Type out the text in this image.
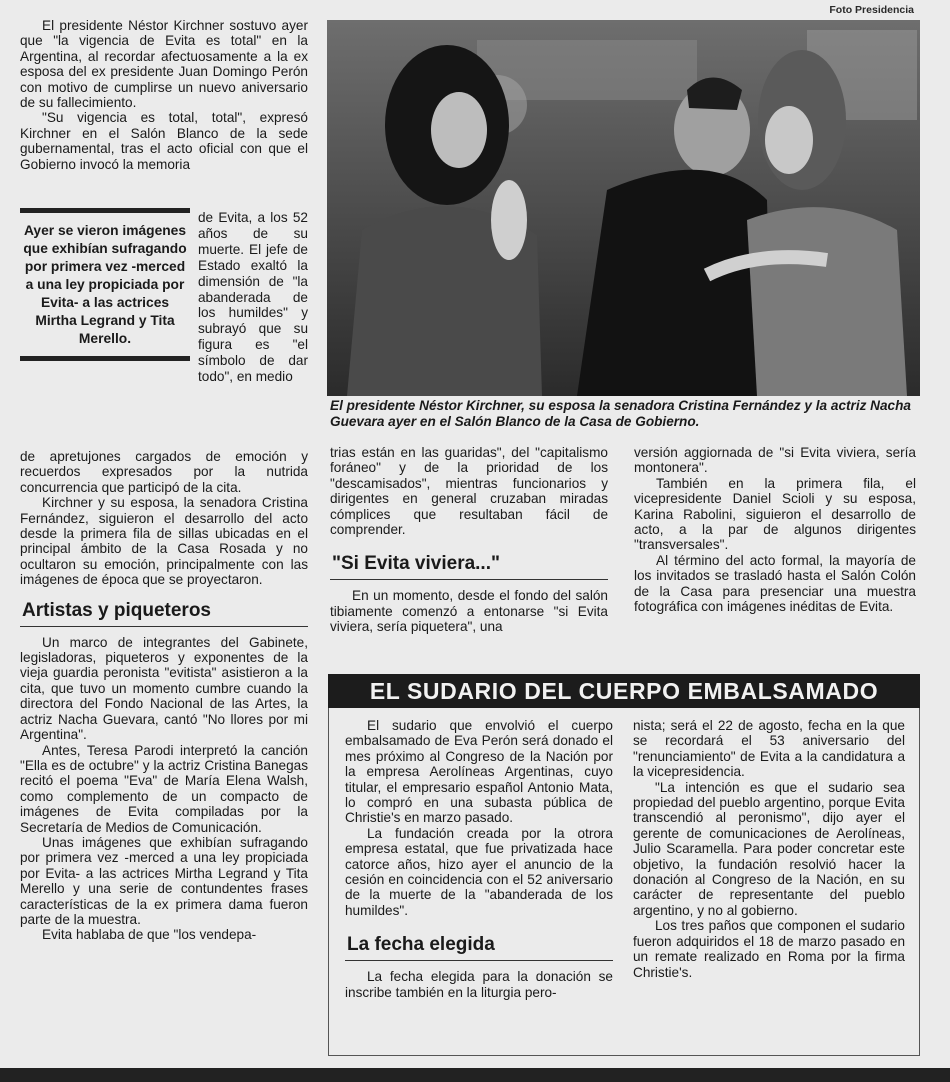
El presidente Néstor Kirchner sostuvo ayer que "la vigencia de Evita es total" en la Argentina, al recordar afectuosamente a la ex esposa del ex presidente Juan Domingo Perón con motivo de cumplirse un nuevo aniversario de su fallecimiento.

"Su vigencia es total, total", expresó Kirchner en el Salón Blanco de la sede gubernamental, tras el acto oficial con que el Gobierno invocó la memoria

Ayer se vieron imágenes que exhibían sufragando por primera vez -merced a una ley propiciada por Evita- a las actrices Mirtha Legrand y Tita Merello.

de Evita, a los 52 años de su muerte. El jefe de Estado exaltó la dimensión de "la abanderada de los humildes" y subrayó que su figura es "el símbolo de dar todo", en medio

de apretujones cargados de emoción y recuerdos expresados por la nutrida concurrencia que participó de la cita.

Kirchner y su esposa, la senadora Cristina Fernández, siguieron el desarrollo del acto desde la primera fila de sillas ubicadas en el principal ámbito de la Casa Rosada y no ocultaron su emoción, principalmente con las imágenes de época que se proyectaron.

Artistas y piqueteros

Un marco de integrantes del Gabinete, legisladoras, piqueteros y exponentes de la vieja guardia peronista "evitista" asistieron a la cita, que tuvo un momento cumbre cuando la directora del Fondo Nacional de las Artes, la actriz Nacha Guevara, cantó "No llores por mi Argentina".

Antes, Teresa Parodi interpretó la canción "Ella es de octubre" y la actriz Cristina Banegas recitó el poema "Eva" de María Elena Walsh, como complemento de un compacto de imágenes de Evita compiladas por la Secretaría de Medios de Comunicación.

Unas imágenes que exhibían sufragando por primera vez -merced a una ley propiciada por Evita- a las actrices Mirtha Legrand y Tita Merello y una serie de contundentes frases características de la ex primera dama fueron parte de la muestra.

Evita hablaba de que "los vendepa-

Foto Presidencia
El presidente Néstor Kirchner, su esposa la senadora Cristina Fernández y la actriz Nacha Guevara ayer en el Salón Blanco de la Casa de Gobierno.

trias están en las guaridas", del "capitalismo foráneo" y de la prioridad de los "descamisados", mientras funcionarios y dirigentes en general cruzaban miradas cómplices que resultaban fácil de comprender.

"Si Evita viviera..."

En un momento, desde el fondo del salón tibiamente comenzó a entonarse "si Evita viviera, sería piquetera", una

versión aggiornada de "si Evita viviera, sería montonera".

También en la primera fila, el vicepresidente Daniel Scioli y su esposa, Karina Rabolini, siguieron el desarrollo de acto, a la par de algunos dirigentes "transversales".

Al término del acto formal, la mayoría de los invitados se trasladó hasta el Salón Colón de la Casa para presenciar una muestra fotográfica con imágenes inéditas de Evita.

EL SUDARIO DEL CUERPO EMBALSAMADO

El sudario que envolvió el cuerpo embalsamado de Eva Perón será donado el mes próximo al Congreso de la Nación por la empresa Aerolíneas Argentinas, cuyo titular, el empresario español Antonio Mata, lo compró en una subasta pública de Christie's en marzo pasado.

La fundación creada por la otrora empresa estatal, que fue privatizada hace catorce años, hizo ayer el anuncio de la cesión en coincidencia con el 52 aniversario de la muerte de la "abanderada de los humildes".

La fecha elegida

La fecha elegida para la donación se inscribe también en la liturgia pero-

nista; será el 22 de agosto, fecha en la que se recordará el 53 aniversario del "renunciamiento" de Evita a la candidatura a la vicepresidencia.

"La intención es que el sudario sea propiedad del pueblo argentino, porque Evita transcendió al peronismo", dijo ayer el gerente de comunicaciones de Aerolíneas, Julio Scaramella. Para poder concretar este objetivo, la fundación resolvió hacer la donación al Congreso de la Nación, en su carácter de representante del pueblo argentino, y no al gobierno.

Los tres paños que componen el sudario fueron adquiridos el 18 de marzo pasado en un remate realizado en Roma por la firma Christie's.
